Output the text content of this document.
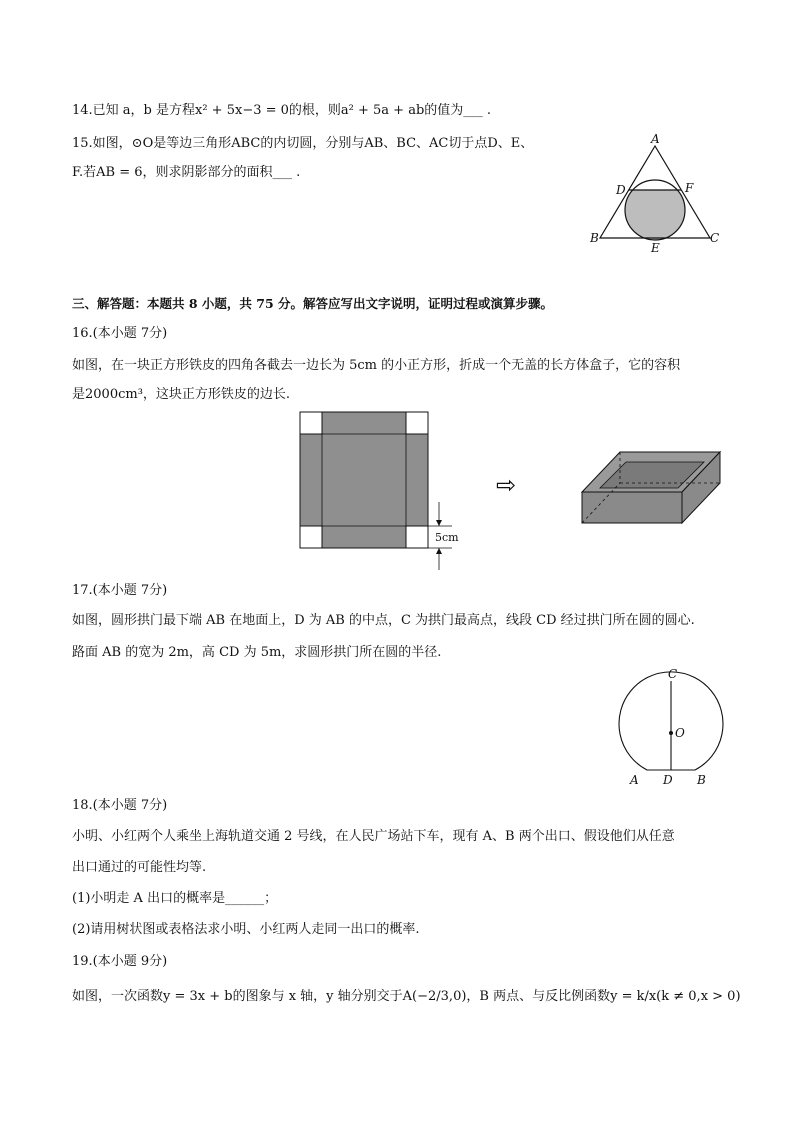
14.已知 a，b 是方程x² + 5x−3 = 0的根，则a² + 5a + ab的值为___ .
15.如图，⊙O是等边三角形ABC的内切圆，分别与AB、BC、AC切于点D、E、
F.若AB = 6，则求阴影部分的面积___ .
A
D	F
B	C
E
三、解答题：本题共 8 小题，共 75 分。解答应写出文字说明，证明过程或演算步骤。
16.(本小题 7分)
如图，在一块正方形铁皮的四角各截去一边长为 5cm 的小正方形，折成一个无盖的长方体盒子，它的容积
是2000cm³，这块正方形铁皮的边长.
5cm
⇨
17.(本小题 7分)
如图，圆形拱门最下端 AB 在地面上，D 为 AB 的中点，C 为拱门最高点，线段 CD 经过拱门所在圆的圆心.
路面 AB 的宽为 2m，高 CD 为 5m，求圆形拱门所在圆的半径.
C
O
A D B
18.(本小题 7分)
小明、小红两个人乘坐上海轨道交通 2 号线，在人民广场站下车，现有 A、B 两个出口、假设他们从任意
出口通过的可能性均等.
(1)小明走 A 出口的概率是______；
(2)请用树状图或表格法求小明、小红两人走同一出口的概率.
19.(本小题 9分)
如图，一次函数y = 3x + b的图象与 x 轴，y 轴分别交于A(−2/3,0)，B 两点、与反比例函数y = k/x(k ≠ 0,x > 0)
